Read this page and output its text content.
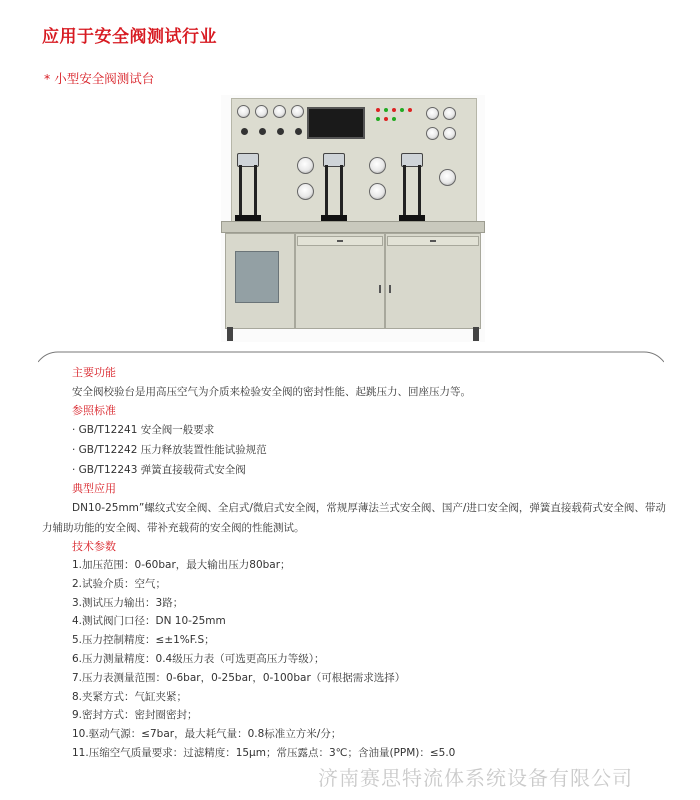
应用于安全阀测试行业
* 小型安全阀测试台
主要功能

安全阀校验台是用高压空气为介质来检验安全阀的密封性能、起跳压力、回座压力等。

参照标准
· GB/T12241 安全阀一般要求
· GB/T12242 压力释放装置性能试验规范
· GB/T12243 弹簧直接载荷式安全阀
典型应用

DN10-25mm”螺纹式安全阀、全启式/微启式安全阀，常规厚薄法兰式安全阀、国产/进口安全阀，弹簧直接载荷式安全阀、带动力辅助功能的安全阀、带补充载荷的安全阀的性能测试。

技术参数
1.加压范围：0-60bar，最大输出压力80bar；
2.试验介质：空气；
3.测试压力输出：3路；
4.测试阀门口径：DN 10-25mm
5.压力控制精度：≤±1%F.S；
6.压力测量精度：0.4级压力表（可选更高压力等级）；
7.压力表测量范围：0-6bar，0-25bar，0-100bar（可根据需求选择）
8.夹紧方式：气缸夹紧；
9.密封方式：密封圈密封；
10.驱动气源：≤7bar，最大耗气量：0.8标准立方米/分；
11.压缩空气质量要求：过滤精度：15μm；常压露点：3℃；含油量(PPM)：≤5.0
济南赛思特流体系统设备有限公司
